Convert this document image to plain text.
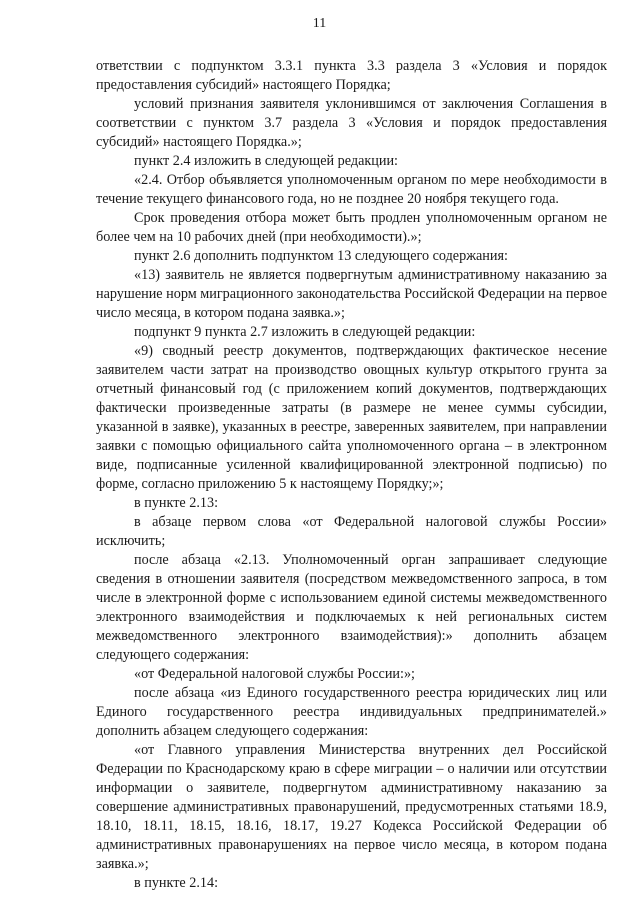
11

ответствии с подпунктом 3.3.1 пункта 3.3 раздела 3 «Условия и порядок предоставления субсидий» настоящего Порядка;

условий признания заявителя уклонившимся от заключения Соглашения в соответствии с пунктом 3.7 раздела 3 «Условия и порядок предоставления субсидий» настоящего Порядка.»;

пункт 2.4 изложить в следующей редакции:

«2.4. Отбор объявляется уполномоченным органом по мере необходимости в течение текущего финансового года, но не позднее 20 ноября текущего года.

Срок проведения отбора может быть продлен уполномоченным органом не более чем на 10 рабочих дней (при необходимости).»;

пункт 2.6 дополнить подпунктом 13 следующего содержания:

«13) заявитель не является подвергнутым административному наказанию за нарушение норм миграционного законодательства Российской Федерации на первое число месяца, в котором подана заявка.»;

подпункт 9 пункта 2.7 изложить в следующей редакции:

«9) сводный реестр документов, подтверждающих фактическое несение заявителем части затрат на производство овощных культур открытого грунта за отчетный финансовый год (с приложением копий документов, подтверждающих фактически произведенные затраты (в размере не менее суммы субсидии, указанной в заявке), указанных в реестре, заверенных заявителем, при направлении заявки с помощью официального сайта уполномоченного органа – в электронном виде, подписанные усиленной квалифицированной электронной подписью) по форме, согласно приложению 5 к настоящему Порядку;»;

в пункте 2.13:

в абзаце первом слова «от Федеральной налоговой службы России» исключить;

после абзаца «2.13. Уполномоченный орган запрашивает следующие сведения в отношении заявителя (посредством межведомственного запроса, в том числе в электронной форме с использованием единой системы межведомственного электронного взаимодействия и подключаемых к ней региональных систем межведомственного электронного взаимодействия):» дополнить абзацем следующего содержания:

«от Федеральной налоговой службы России:»;

после абзаца «из Единого государственного реестра юридических лиц или Единого государственного реестра индивидуальных предпринимателей.» дополнить абзацем следующего содержания:

«от Главного управления Министерства внутренних дел Российской Федерации по Краснодарскому краю в сфере миграции – о наличии или отсутствии информации о заявителе, подвергнутом административному наказанию за совершение административных правонарушений, предусмотренных статьями 18.9, 18.10, 18.11, 18.15, 18.16, 18.17, 19.27 Кодекса Российской Федерации об административных правонарушениях на первое число месяца, в котором подана заявка.»;

в пункте 2.14:
